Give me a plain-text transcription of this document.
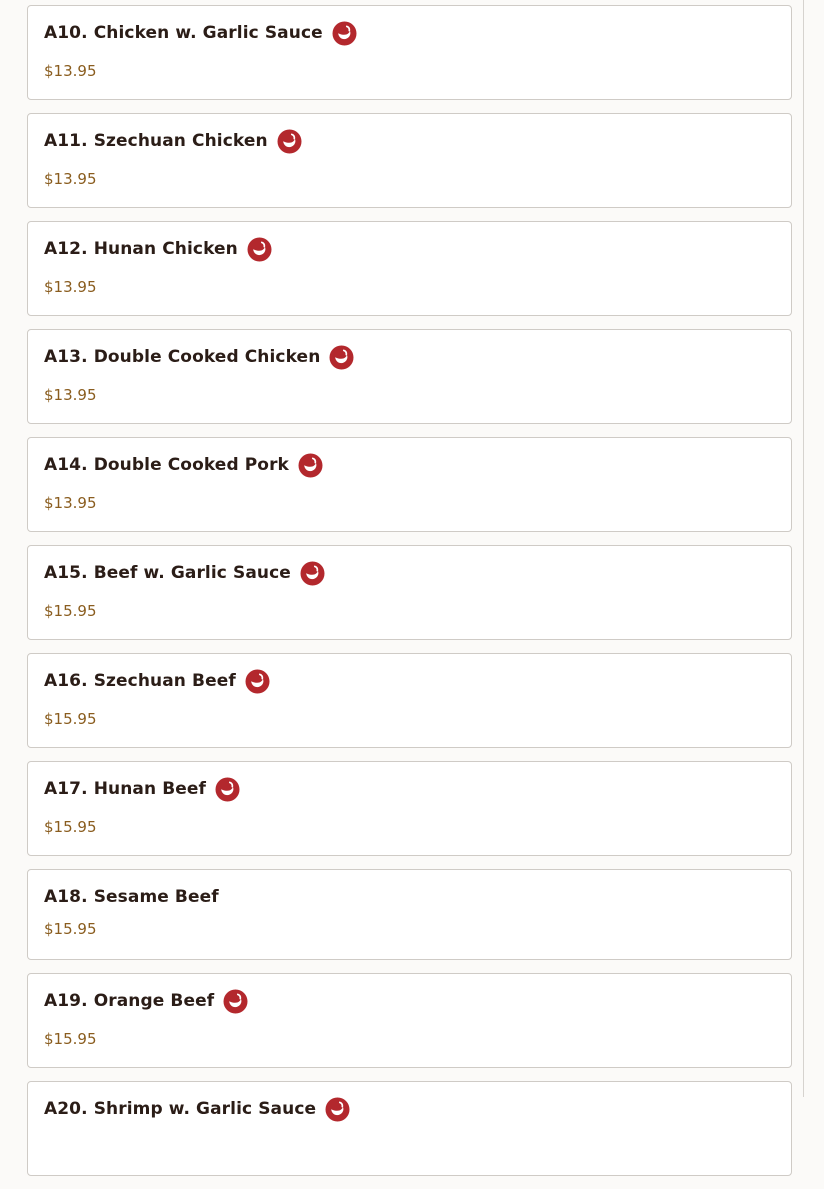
A10. Chicken w. Garlic Sauce
$13.95
A11. Szechuan Chicken
$13.95
A12. Hunan Chicken
$13.95
A13. Double Cooked Chicken
$13.95
A14. Double Cooked Pork
$13.95
A15. Beef w. Garlic Sauce
$15.95
A16. Szechuan Beef
$15.95
A17. Hunan Beef
$15.95
A18. Sesame Beef
$15.95
A19. Orange Beef
$15.95
A20. Shrimp w. Garlic Sauce
